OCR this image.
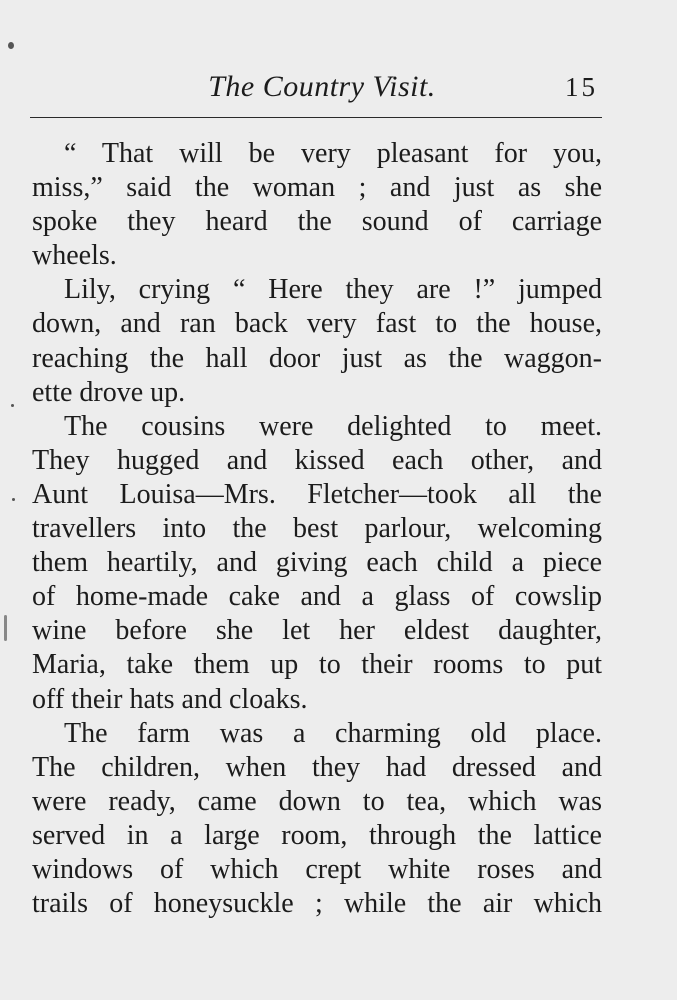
The Country Visit.	15
“ That will be very pleasant for you,
miss,” said the woman ; and just as she
spoke they heard the sound of carriage
wheels.
Lily, crying “ Here they are !” jumped
down, and ran back very fast to the house,
reaching the hall door just as the waggon-
ette drove up.
The cousins were delighted to meet.
They hugged and kissed each other, and
Aunt Louisa—Mrs. Fletcher—took all the
travellers into the best parlour, welcoming
them heartily, and giving each child a piece
of home-made cake and a glass of cowslip
wine before she let her eldest daughter,
Maria, take them up to their rooms to put
off their hats and cloaks.
The farm was a charming old place.
The children, when they had dressed and
were ready, came down to tea, which was
served in a large room, through the lattice
windows of which crept white roses and
trails of honeysuckle ; while the air which
